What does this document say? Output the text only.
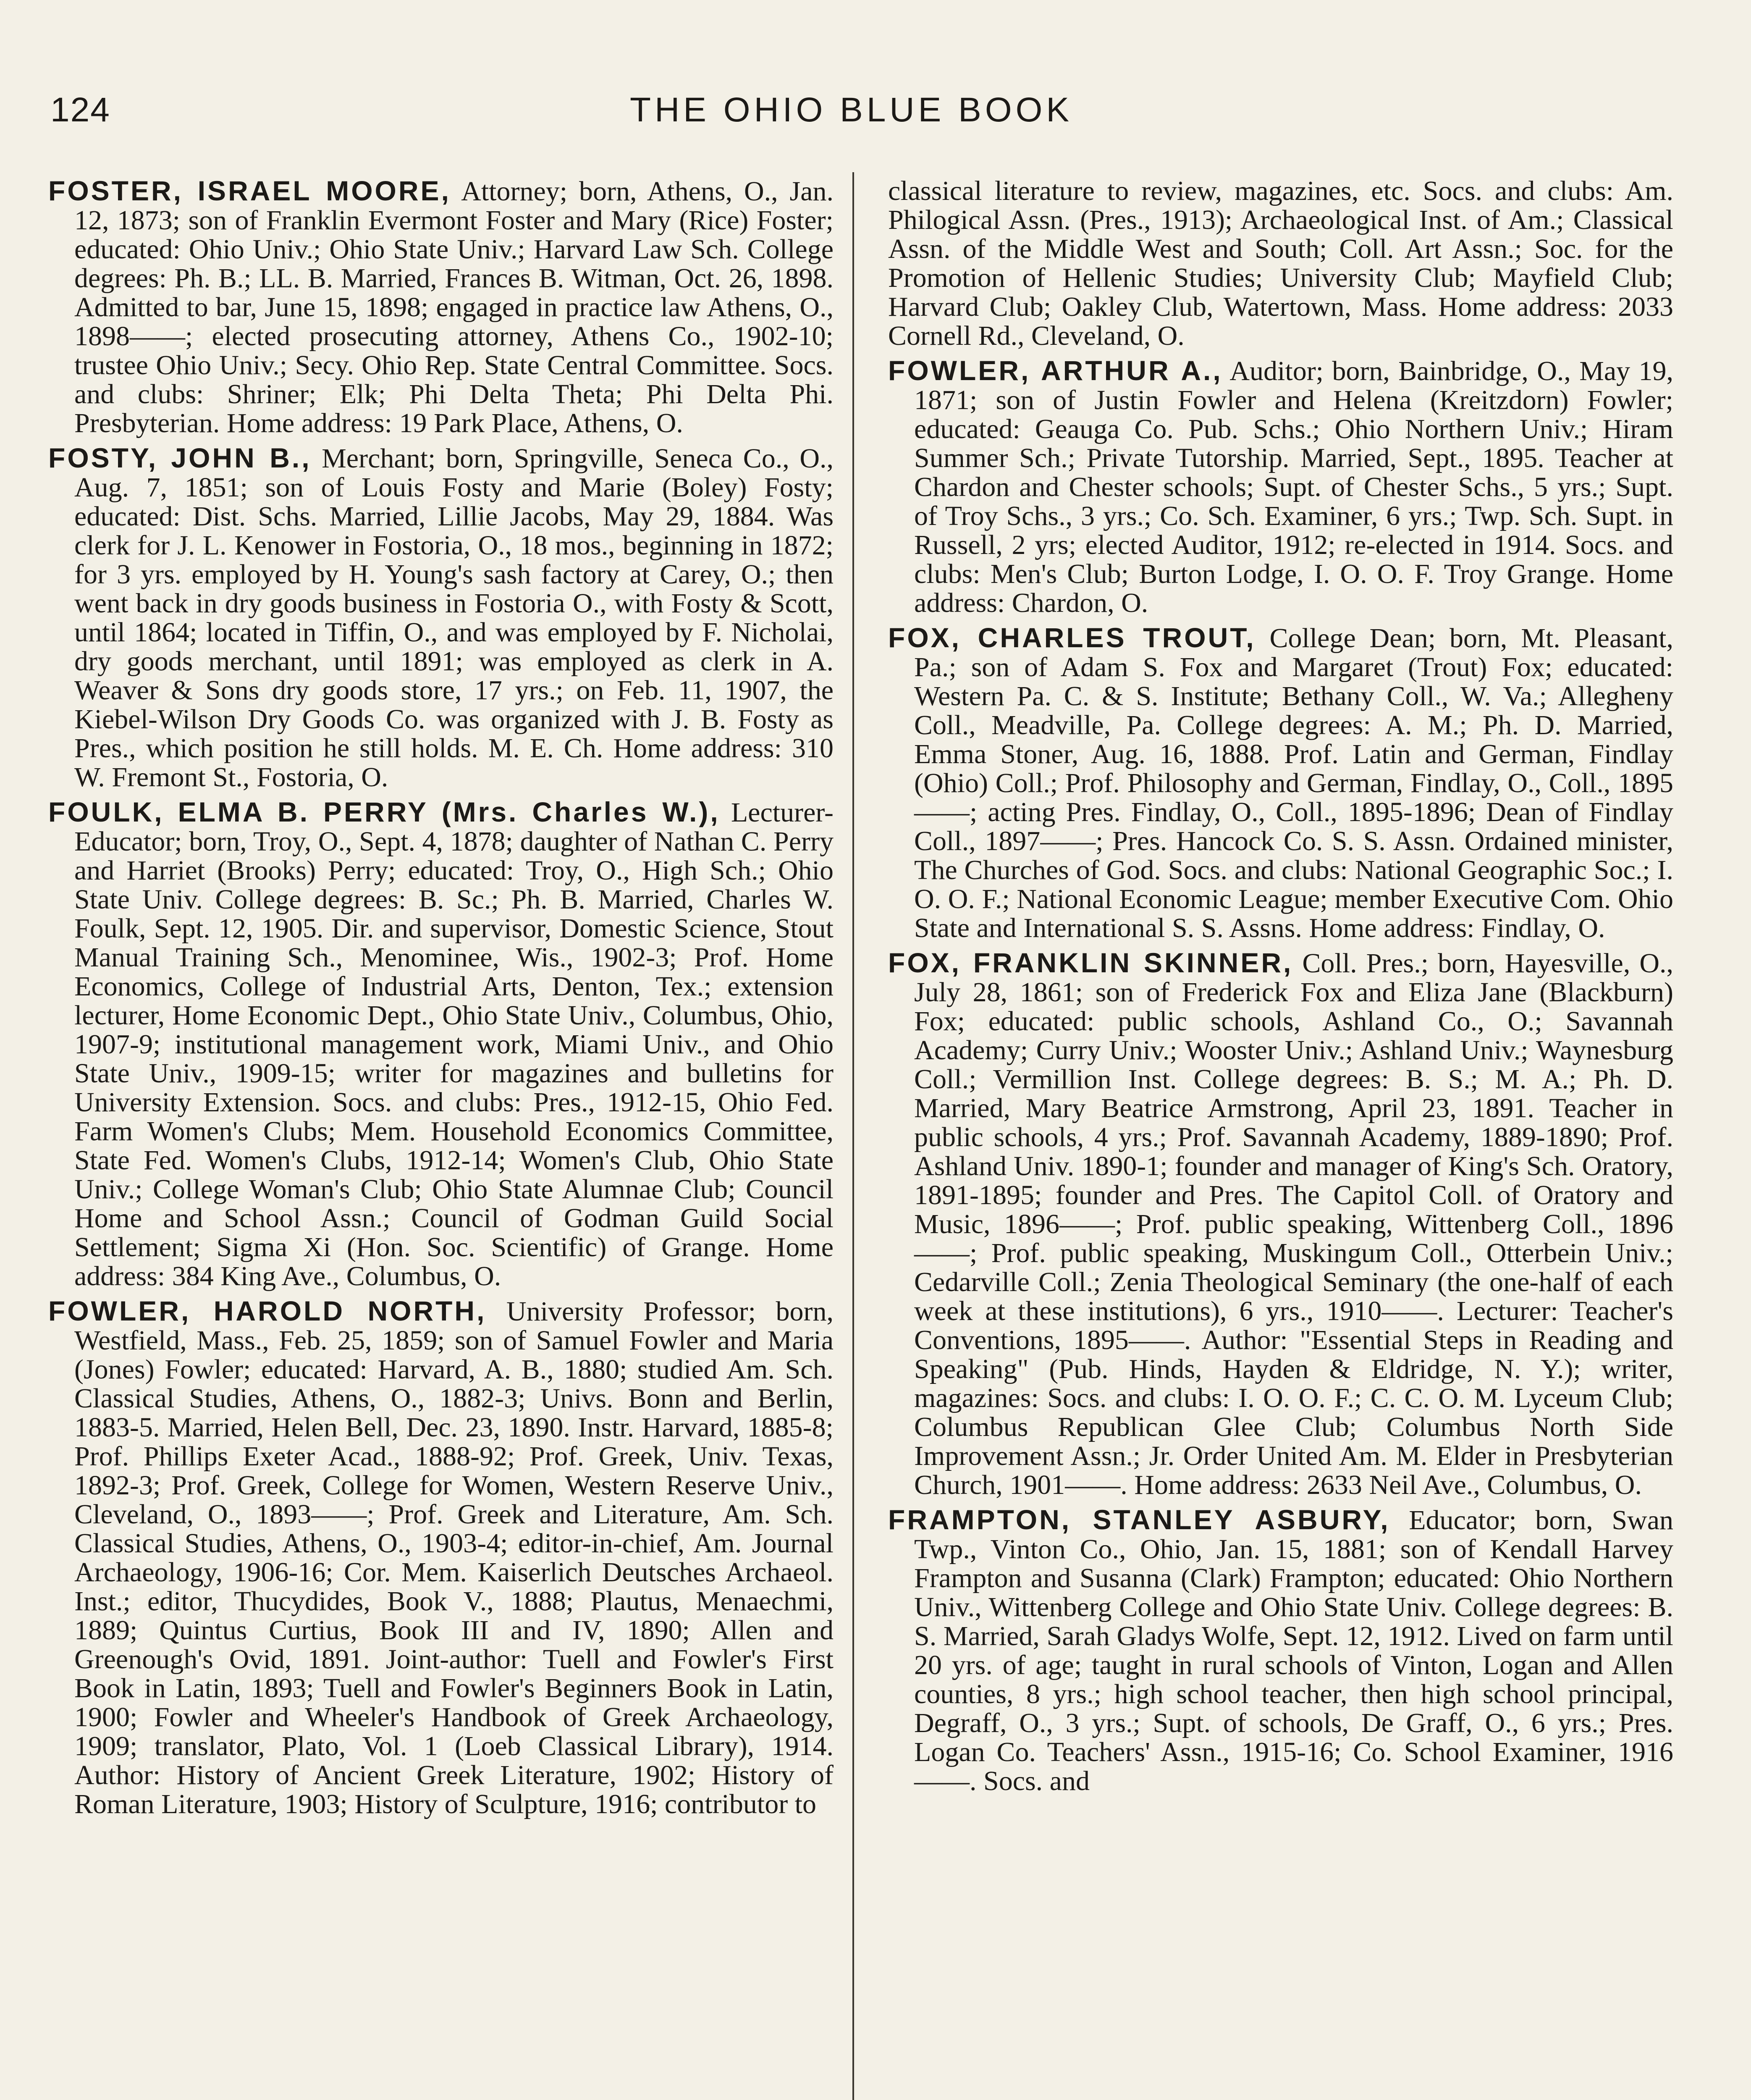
124	THE OHIO BLUE BOOK

FOSTER, ISRAEL MOORE, Attorney; born, Athens, O., Jan. 12, 1873; son of Franklin Evermont Foster and Mary (Rice) Foster; educated: Ohio Univ.; Ohio State Univ.; Harvard Law Sch. College degrees: Ph. B.; LL. B. Married, Frances B. Witman, Oct. 26, 1898. Admitted to bar, June 15, 1898; engaged in practice law Athens, O., 1898——; elected prosecuting attorney, Athens Co., 1902-10; trustee Ohio Univ.; Secy. Ohio Rep. State Central Committee. Socs. and clubs: Shriner; Elk; Phi Delta Theta; Phi Delta Phi. Presbyterian. Home address: 19 Park Place, Athens, O.

FOSTY, JOHN B., Merchant; born, Springville, Seneca Co., O., Aug. 7, 1851; son of Louis Fosty and Marie (Boley) Fosty; educated: Dist. Schs. Married, Lillie Jacobs, May 29, 1884. Was clerk for J. L. Kenower in Fostoria, O., 18 mos., beginning in 1872; for 3 yrs. employed by H. Young's sash factory at Carey, O.; then went back in dry goods business in Fostoria O., with Fosty & Scott, until 1864; located in Tiffin, O., and was employed by F. Nicholai, dry goods merchant, until 1891; was employed as clerk in A. Weaver & Sons dry goods store, 17 yrs.; on Feb. 11, 1907, the Kiebel-Wilson Dry Goods Co. was organized with J. B. Fosty as Pres., which position he still holds. M. E. Ch. Home address: 310 W. Fremont St., Fostoria, O.

FOULK, ELMA B. PERRY (Mrs. Charles W.), Lecturer-Educator; born, Troy, O., Sept. 4, 1878; daughter of Nathan C. Perry and Harriet (Brooks) Perry; educated: Troy, O., High Sch.; Ohio State Univ. College degrees: B. Sc.; Ph. B. Married, Charles W. Foulk, Sept. 12, 1905. Dir. and supervisor, Domestic Science, Stout Manual Training Sch., Menominee, Wis., 1902-3; Prof. Home Economics, College of Industrial Arts, Denton, Tex.; extension lecturer, Home Economic Dept., Ohio State Univ., Columbus, Ohio, 1907-9; institutional management work, Miami Univ., and Ohio State Univ., 1909-15; writer for magazines and bulletins for University Extension. Socs. and clubs: Pres., 1912-15, Ohio Fed. Farm Women's Clubs; Mem. Household Economics Committee, State Fed. Women's Clubs, 1912-14; Women's Club, Ohio State Univ.; College Woman's Club; Ohio State Alumnae Club; Council Home and School Assn.; Council of Godman Guild Social Settlement; Sigma Xi (Hon. Soc. Scientific) of Grange. Home address: 384 King Ave., Columbus, O.

FOWLER, HAROLD NORTH, University Professor; born, Westfield, Mass., Feb. 25, 1859; son of Samuel Fowler and Maria (Jones) Fowler; educated: Harvard, A. B., 1880; studied Am. Sch. Classical Studies, Athens, O., 1882-3; Univs. Bonn and Berlin, 1883-5. Married, Helen Bell, Dec. 23, 1890. Instr. Harvard, 1885-8; Prof. Phillips Exeter Acad., 1888-92; Prof. Greek, Univ. Texas, 1892-3; Prof. Greek, College for Women, Western Reserve Univ., Cleveland, O., 1893——; Prof. Greek and Literature, Am. Sch. Classical Studies, Athens, O., 1903-4; editor-in-chief, Am. Journal Archaeology, 1906-16; Cor. Mem. Kaiserlich Deutsches Archaeol. Inst.; editor, Thucydides, Book V., 1888; Plautus, Menaechmi, 1889; Quintus Curtius, Book III and IV, 1890; Allen and Greenough's Ovid, 1891. Joint-author: Tuell and Fowler's First Book in Latin, 1893; Tuell and Fowler's Beginners Book in Latin, 1900; Fowler and Wheeler's Handbook of Greek Archaeology, 1909; translator, Plato, Vol. 1 (Loeb Classical Library), 1914. Author: History of Ancient Greek Literature, 1902; History of Roman Literature, 1903; History of Sculpture, 1916; contributor to

classical literature to review, magazines, etc. Socs. and clubs: Am. Philogical Assn. (Pres., 1913); Archaeological Inst. of Am.; Classical Assn. of the Middle West and South; Coll. Art Assn.; Soc. for the Promotion of Hellenic Studies; University Club; Mayfield Club; Harvard Club; Oakley Club, Watertown, Mass. Home address: 2033 Cornell Rd., Cleveland, O.

FOWLER, ARTHUR A., Auditor; born, Bainbridge, O., May 19, 1871; son of Justin Fowler and Helena (Kreitzdorn) Fowler; educated: Geauga Co. Pub. Schs.; Ohio Northern Univ.; Hiram Summer Sch.; Private Tutorship. Married, Sept., 1895. Teacher at Chardon and Chester schools; Supt. of Chester Schs., 5 yrs.; Supt. of Troy Schs., 3 yrs.; Co. Sch. Examiner, 6 yrs.; Twp. Sch. Supt. in Russell, 2 yrs; elected Auditor, 1912; re-elected in 1914. Socs. and clubs: Men's Club; Burton Lodge, I. O. O. F. Troy Grange. Home address: Chardon, O.

FOX, CHARLES TROUT, College Dean; born, Mt. Pleasant, Pa.; son of Adam S. Fox and Margaret (Trout) Fox; educated: Western Pa. C. & S. Institute; Bethany Coll., W. Va.; Allegheny Coll., Meadville, Pa. College degrees: A. M.; Ph. D. Married, Emma Stoner, Aug. 16, 1888. Prof. Latin and German, Findlay (Ohio) Coll.; Prof. Philosophy and German, Findlay, O., Coll., 1895——; acting Pres. Findlay, O., Coll., 1895-1896; Dean of Findlay Coll., 1897——; Pres. Hancock Co. S. S. Assn. Ordained minister, The Churches of God. Socs. and clubs: National Geographic Soc.; I. O. O. F.; National Economic League; member Executive Com. Ohio State and International S. S. Assns. Home address: Findlay, O.

FOX, FRANKLIN SKINNER, Coll. Pres.; born, Hayesville, O., July 28, 1861; son of Frederick Fox and Eliza Jane (Blackburn) Fox; educated: public schools, Ashland Co., O.; Savannah Academy; Curry Univ.; Wooster Univ.; Ashland Univ.; Waynesburg Coll.; Vermillion Inst. College degrees: B. S.; M. A.; Ph. D. Married, Mary Beatrice Armstrong, April 23, 1891. Teacher in public schools, 4 yrs.; Prof. Savannah Academy, 1889-1890; Prof. Ashland Univ. 1890-1; founder and manager of King's Sch. Oratory, 1891-1895; founder and Pres. The Capitol Coll. of Oratory and Music, 1896——; Prof. public speaking, Wittenberg Coll., 1896——; Prof. public speaking, Muskingum Coll., Otterbein Univ.; Cedarville Coll.; Zenia Theological Seminary (the one-half of each week at these institutions), 6 yrs., 1910——. Lecturer: Teacher's Conventions, 1895——. Author: "Essential Steps in Reading and Speaking" (Pub. Hinds, Hayden & Eldridge, N. Y.); writer, magazines: Socs. and clubs: I. O. O. F.; C. C. O. M. Lyceum Club; Columbus Republican Glee Club; Columbus North Side Improvement Assn.; Jr. Order United Am. M. Elder in Presbyterian Church, 1901——. Home address: 2633 Neil Ave., Columbus, O.

FRAMPTON, STANLEY ASBURY, Educator; born, Swan Twp., Vinton Co., Ohio, Jan. 15, 1881; son of Kendall Harvey Frampton and Susanna (Clark) Frampton; educated: Ohio Northern Univ., Wittenberg College and Ohio State Univ. College degrees: B. S. Married, Sarah Gladys Wolfe, Sept. 12, 1912. Lived on farm until 20 yrs. of age; taught in rural schools of Vinton, Logan and Allen counties, 8 yrs.; high school teacher, then high school principal, Degraff, O., 3 yrs.; Supt. of schools, De Graff, O., 6 yrs.; Pres. Logan Co. Teachers' Assn., 1915-16; Co. School Examiner, 1916——. Socs. and
